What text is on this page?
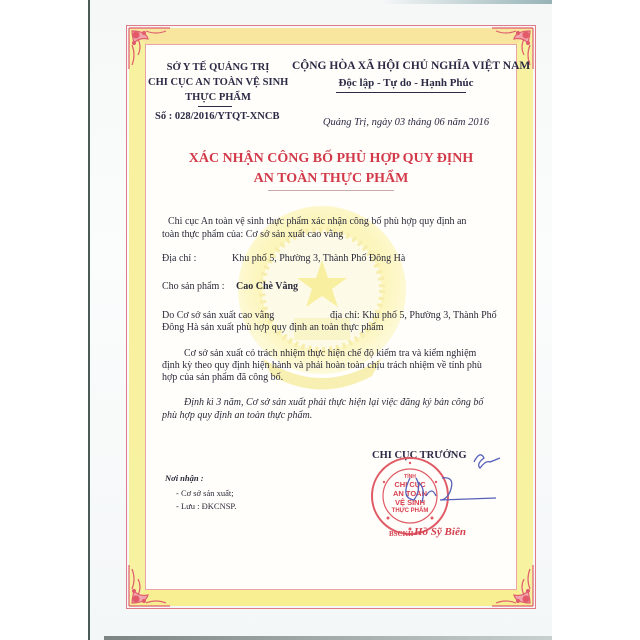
SỞ Y TẾ QUẢNG TRỊ
CHI CỤC AN TOÀN VỆ SINH
THỰC PHẨM
Số : 028/2016/YTQT-XNCB
CỘNG HÒA XÃ HỘI CHỦ NGHĨA VIỆT NAM
Độc lập - Tự do - Hạnh Phúc
Quảng Trị, ngày 03 tháng 06 năm 2016
XÁC NHẬN CÔNG BỐ PHÙ HỢP QUY ĐỊNH
AN TOÀN THỰC PHẨM
Chi cục An toàn vệ sinh thực phẩm xác nhận công bố phù hợp quy định an
toàn thực phẩm của: Cơ sở sản xuất cao vằng
Địa chỉ :	Khu phố 5, Phường 3, Thành Phố Đông Hà
Cho sản phẩm : Cao Chè Vằng
Do Cơ sở sản xuất cao vằng	địa chỉ: Khu phố 5, Phường 3, Thành Phố
Đông Hà sản xuất phù hợp quy định an toàn thực phẩm
Cơ sở sản xuất có trách nhiệm thực hiện chế độ kiểm tra và kiểm nghiệm
định kỳ theo quy định hiện hành và phải hoàn toàn chịu trách nhiệm về tính phù
hợp của sản phẩm đã công bố.
Định kì 3 năm, Cơ sở sản xuất phải thực hiện lại việc đăng ký bản công bố
phù hợp quy định an toàn thực phẩm.
Nơi nhận :
- Cơ sở sản xuất;
- Lưu : ĐKCNSP.
CHI CỤC TRƯỞNG
TỈNH
CHI CỤC
AN TOÀN
VỆ SINH
THỰC PHẨM
BSCKII Hồ Sỹ Biên
